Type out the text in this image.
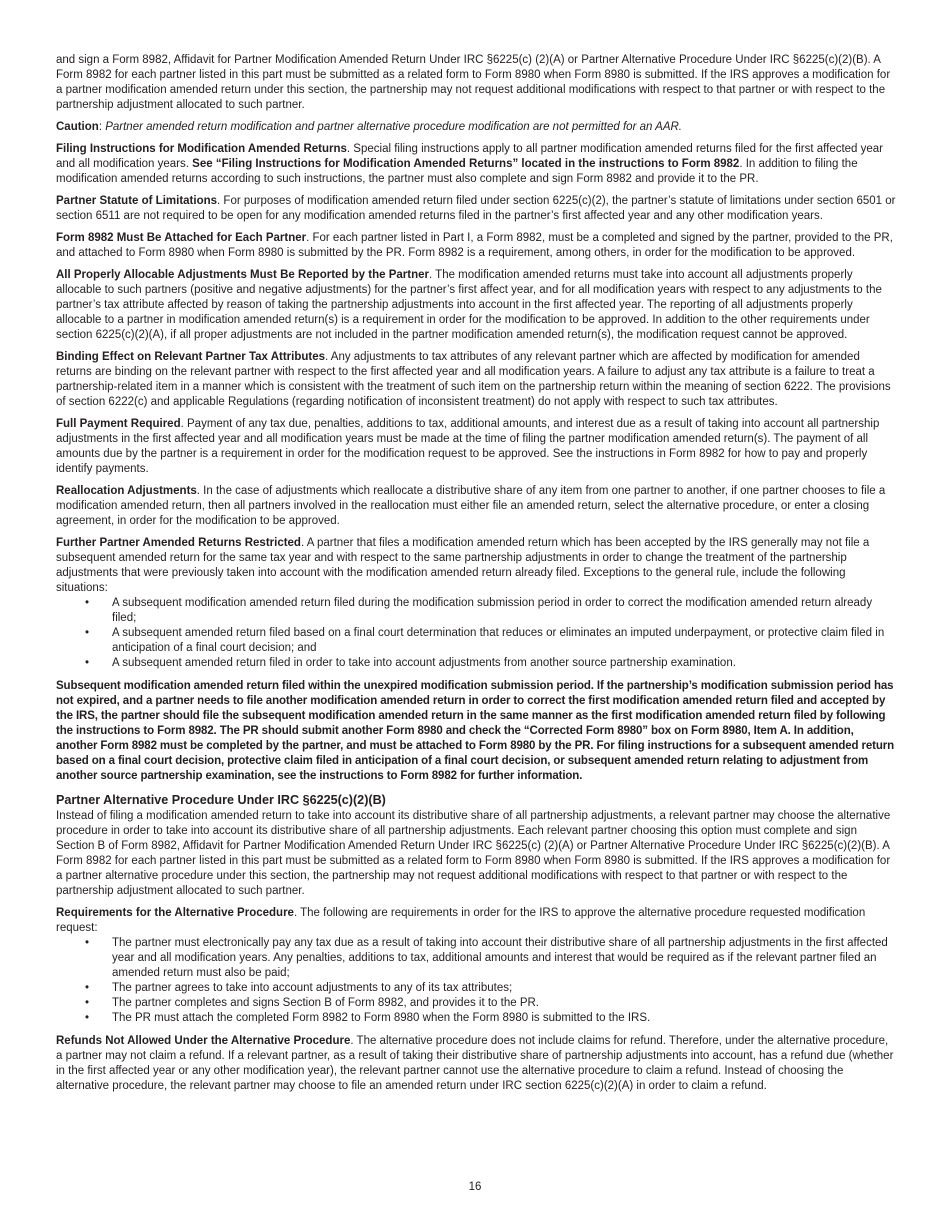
and sign a Form 8982, Affidavit for Partner Modification Amended Return Under IRC §6225(c) (2)(A) or Partner Alternative Procedure Under IRC §6225(c)(2)(B). A Form 8982 for each partner listed in this part must be submitted as a related form to Form 8980 when Form 8980 is submitted. If the IRS approves a modification for a partner modification amended return under this section, the partnership may not request additional modifications with respect to that partner or with respect to the partnership adjustment allocated to such partner.

Caution: Partner amended return modification and partner alternative procedure modification are not permitted for an AAR.

Filing Instructions for Modification Amended Returns. Special filing instructions apply to all partner modification amended returns filed for the first affected year and all modification years. See “Filing Instructions for Modification Amended Returns” located in the instructions to Form 8982. In addition to filing the modification amended returns according to such instructions, the partner must also complete and sign Form 8982 and provide it to the PR.

Partner Statute of Limitations. For purposes of modification amended return filed under section 6225(c)(2), the partner’s statute of limitations under section 6501 or section 6511 are not required to be open for any modification amended returns filed in the partner’s first affected year and any other modification years.

Form 8982 Must Be Attached for Each Partner. For each partner listed in Part I, a Form 8982, must be a completed and signed by the partner, provided to the PR, and attached to Form 8980 when Form 8980 is submitted by the PR. Form 8982 is a requirement, among others, in order for the modification to be approved.

All Properly Allocable Adjustments Must Be Reported by the Partner. The modification amended returns must take into account all adjustments properly allocable to such partners (positive and negative adjustments) for the partner’s first affect year, and for all modification years with respect to any adjustments to the partner’s tax attribute affected by reason of taking the partnership adjustments into account in the first affected year. The reporting of all adjustments properly allocable to a partner in modification amended return(s) is a requirement in order for the modification to be approved. In addition to the other requirements under section 6225(c)(2)(A), if all proper adjustments are not included in the partner modification amended return(s), the modification request cannot be approved.

Binding Effect on Relevant Partner Tax Attributes. Any adjustments to tax attributes of any relevant partner which are affected by modification for amended returns are binding on the relevant partner with respect to the first affected year and all modification years. A failure to adjust any tax attribute is a failure to treat a partnership-related item in a manner which is consistent with the treatment of such item on the partnership return within the meaning of section 6222. The provisions of section 6222(c) and applicable Regulations (regarding notification of inconsistent treatment) do not apply with respect to such tax attributes.

Full Payment Required. Payment of any tax due, penalties, additions to tax, additional amounts, and interest due as a result of taking into account all partnership adjustments in the first affected year and all modification years must be made at the time of filing the partner modification amended return(s). The payment of all amounts due by the partner is a requirement in order for the modification request to be approved. See the instructions in Form 8982 for how to pay and properly identify payments.

Reallocation Adjustments. In the case of adjustments which reallocate a distributive share of any item from one partner to another, if one partner chooses to file a modification amended return, then all partners involved in the reallocation must either file an amended return, select the alternative procedure, or enter a closing agreement, in order for the modification to be approved.

Further Partner Amended Returns Restricted. A partner that files a modification amended return which has been accepted by the IRS generally may not file a subsequent amended return for the same tax year and with respect to the same partnership adjustments in order to change the treatment of the partnership adjustments that were previously taken into account with the modification amended return already filed. Exceptions to the general rule, include the following situations:

• A subsequent modification amended return filed during the modification submission period in order to correct the modification amended return already filed;
• A subsequent amended return filed based on a final court determination that reduces or eliminates an imputed underpayment, or protective claim filed in anticipation of a final court decision; and
• A subsequent amended return filed in order to take into account adjustments from another source partnership examination.

Subsequent modification amended return filed within the unexpired modification submission period. If the partnership’s modification submission period has not expired, and a partner needs to file another modification amended return in order to correct the first modification amended return filed and accepted by the IRS, the partner should file the subsequent modification amended return in the same manner as the first modification amended return filed by following the instructions to Form 8982. The PR should submit another Form 8980 and check the “Corrected Form 8980” box on Form 8980, Item A. In addition, another Form 8982 must be completed by the partner, and must be attached to Form 8980 by the PR. For filing instructions for a subsequent amended return based on a final court decision, protective claim filed in anticipation of a final court decision, or subsequent amended return relating to adjustment from another source partnership examination, see the instructions to Form 8982 for further information.

Partner Alternative Procedure Under IRC §6225(c)(2)(B)

Instead of filing a modification amended return to take into account its distributive share of all partnership adjustments, a relevant partner may choose the alternative procedure in order to take into account its distributive share of all partnership adjustments. Each relevant partner choosing this option must complete and sign Section B of Form 8982, Affidavit for Partner Modification Amended Return Under IRC §6225(c) (2)(A) or Partner Alternative Procedure Under IRC §6225(c)(2)(B). A Form 8982 for each partner listed in this part must be submitted as a related form to Form 8980 when Form 8980 is submitted. If the IRS approves a modification for a partner alternative procedure under this section, the partnership may not request additional modifications with respect to that partner or with respect to the partnership adjustment allocated to such partner.

Requirements for the Alternative Procedure. The following are requirements in order for the IRS to approve the alternative procedure requested modification request:

• The partner must electronically pay any tax due as a result of taking into account their distributive share of all partnership adjustments in the first affected year and all modification years. Any penalties, additions to tax, additional amounts and interest that would be required as if the relevant partner filed an amended return must also be paid;
• The partner agrees to take into account adjustments to any of its tax attributes;
• The partner completes and signs Section B of Form 8982, and provides it to the PR.
• The PR must attach the completed Form 8982 to Form 8980 when the Form 8980 is submitted to the IRS.

Refunds Not Allowed Under the Alternative Procedure. The alternative procedure does not include claims for refund. Therefore, under the alternative procedure, a partner may not claim a refund. If a relevant partner, as a result of taking their distributive share of partnership adjustments into account, has a refund due (whether in the first affected year or any other modification year), the relevant partner cannot use the alternative procedure to claim a refund. Instead of choosing the alternative procedure, the relevant partner may choose to file an amended return under IRC section 6225(c)(2)(A) in order to claim a refund.

16
